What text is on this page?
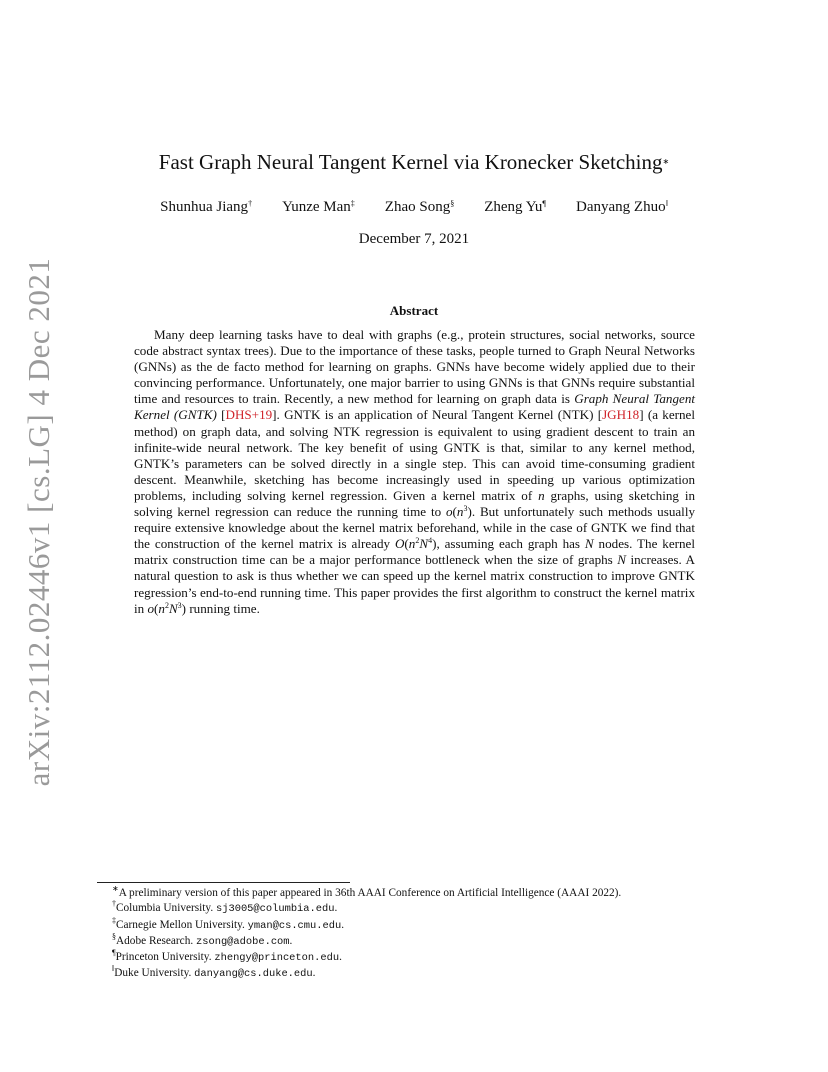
arXiv:2112.02446v1 [cs.LG] 4 Dec 2021
Fast Graph Neural Tangent Kernel via Kronecker Sketching∗
Shunhua Jiang† Yunze Man‡ Zhao Song§ Zheng Yu¶ Danyang Zhuo‖
December 7, 2021
Abstract

Many deep learning tasks have to deal with graphs (e.g., protein structures, social networks, source code abstract syntax trees). Due to the importance of these tasks, people turned to Graph Neural Networks (GNNs) as the de facto method for learning on graphs. GNNs have become widely applied due to their convincing performance. Unfortunately, one major barrier to using GNNs is that GNNs require substantial time and resources to train. Recently, a new method for learning on graph data is Graph Neural Tangent Kernel (GNTK) [DHS+19]. GNTK is an application of Neural Tangent Kernel (NTK) [JGH18] (a kernel method) on graph data, and solving NTK regression is equivalent to using gradient descent to train an infinite-wide neural network. The key benefit of using GNTK is that, similar to any kernel method, GNTK’s parameters can be solved directly in a single step. This can avoid time-consuming gradient descent. Meanwhile, sketching has become increasingly used in speeding up various optimization problems, including solving kernel regression. Given a kernel matrix of n graphs, using sketching in solving kernel regression can reduce the running time to $o(n^3)$. But unfortunately such methods usually require extensive knowledge about the kernel matrix beforehand, while in the case of GNTK we find that the construction of the kernel matrix is already $O(n^2N^4)$, assuming each graph has N nodes. The kernel matrix construction time can be a major performance bottleneck when the size of graphs N increases. A natural question to ask is thus whether we can speed up the kernel matrix construction to improve GNTK regression’s end-to-end running time. This paper provides the first algorithm to construct the kernel matrix in $o(n^2N^3)$ running time.

∗A preliminary version of this paper appeared in 36th AAAI Conference on Artificial Intelligence (AAAI 2022).
†Columbia University. sj3005@columbia.edu.
‡Carnegie Mellon University. yman@cs.cmu.edu.
§Adobe Research. zsong@adobe.com.
¶Princeton University. zhengy@princeton.edu.
‖Duke University. danyang@cs.duke.edu.
